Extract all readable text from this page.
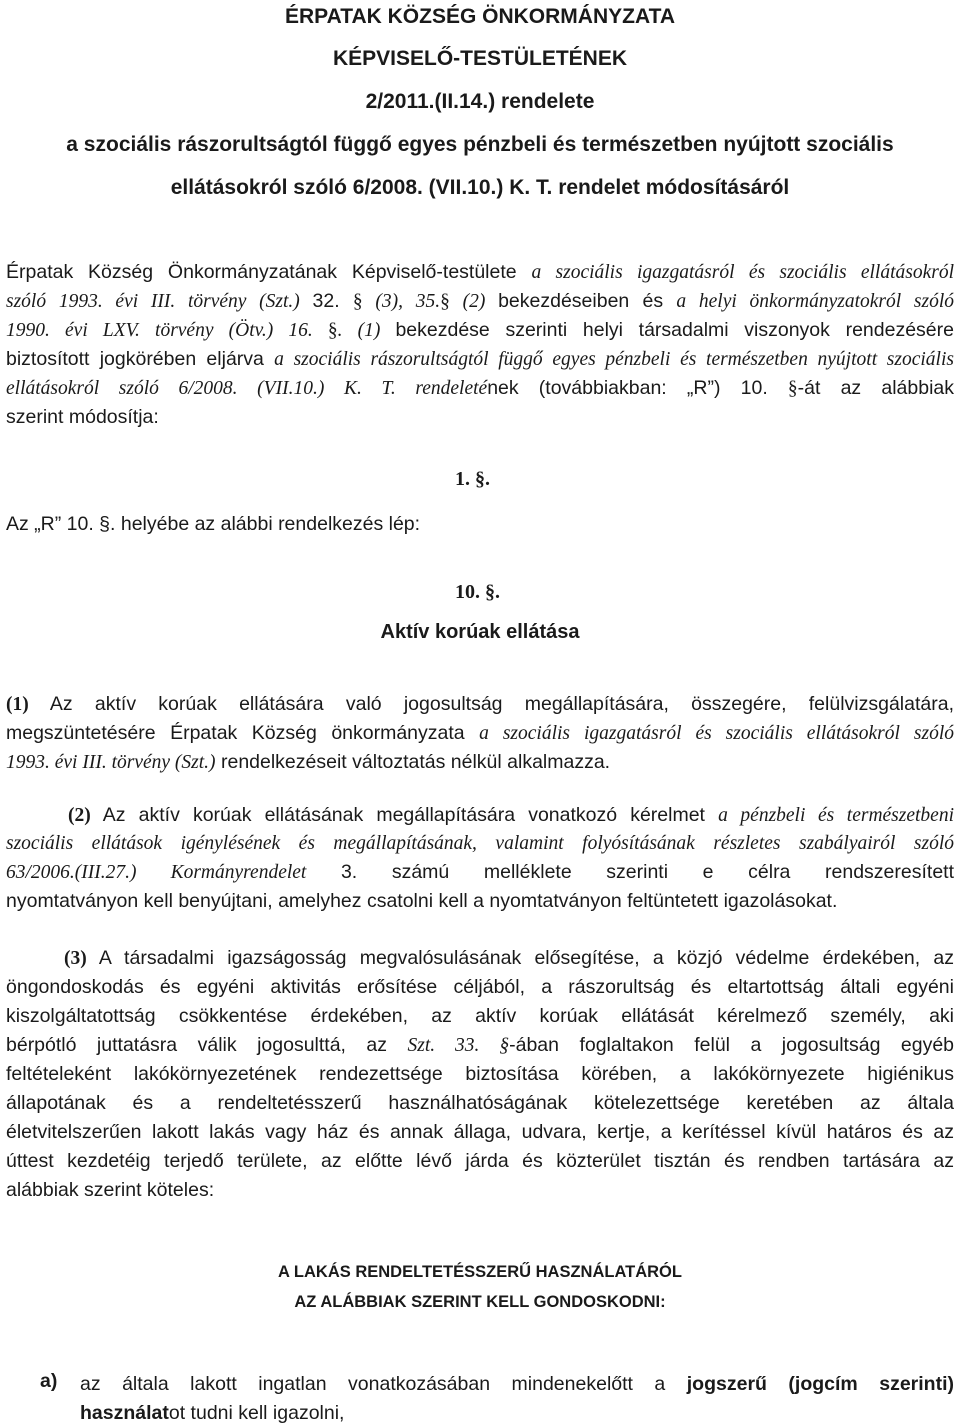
ÉRPATAK KÖZSÉG ÖNKORMÁNYZATA
KÉPVISELŐ-TESTÜLETÉNEK
2/2011.(II.14.) rendelete
a szociális rászorultságtól függő egyes pénzbeli és természetben nyújtott szociális
ellátásokról szóló 6/2008. (VII.10.) K. T. rendelet módosításáról
Érpatak Község Önkormányzatának Képviselő-testülete a szociális igazgatásról és szociális ellátásokról
szóló 1993. évi III. törvény (Szt.) 32. § (3), 35.§ (2) bekezdéseiben és a helyi önkormányzatokról szóló
1990. évi LXV. törvény (Ötv.) 16. §. (1) bekezdése szerinti helyi társadalmi viszonyok rendezésére
biztosított jogkörében eljárva a szociális rászorultságtól függő egyes pénzbeli és természetben nyújtott szociális
ellátásokról szóló 6/2008. (VII.10.) K. T. rendeletének (továbbiakban: „R”) 10. §-át az alábbiak
szerint módosítja:
1. §.
Az „R” 10. §. helyébe az alábbi rendelkezés lép:
10. §.
Aktív korúak ellátása
(1) Az aktív korúak ellátására való jogosultság megállapítására, összegére, felülvizsgálatára,
megszüntetésére Érpatak Község önkormányzata a szociális igazgatásról és szociális ellátásokról szóló
1993. évi III. törvény (Szt.) rendelkezéseit változtatás nélkül alkalmazza.
(2) Az aktív korúak ellátásának megállapítására vonatkozó kérelmet a pénzbeli és természetbeni
szociális ellátások igénylésének és megállapításának, valamint folyósításának részletes szabályairól szóló
63/2006.(III.27.) Kormányrendelet 3. számú melléklete szerinti e célra rendszeresített
nyomtatványon kell benyújtani, amelyhez csatolni kell a nyomtatványon feltüntetett igazolásokat.
(3) A társadalmi igazságosság megvalósulásának elősegítése, a közjó védelme érdekében, az
öngondoskodás és egyéni aktivitás erősítése céljából, a rászorultság és eltartottság általi egyéni
kiszolgáltatottság csökkentése érdekében, az aktív korúak ellátását kérelmező személy, aki
bérpótló juttatásra válik jogosulttá, az Szt. 33. §-ában foglaltakon felül a jogosultság egyéb
feltételeként lakókörnyezetének rendezettsége biztosítása körében, a lakókörnyezete higiénikus
állapotának és a rendeltetésszerű használhatóságának kötelezettsége keretében az általa
életvitelszerűen lakott lakás vagy ház és annak állaga, udvara, kertje, a kerítéssel kívül határos és az
úttest kezdetéig terjedő területe, az előtte lévő járda és közterület tisztán és rendben tartására az
alábbiak szerint köteles:
A LAKÁS RENDELTETÉSSZERŰ HASZNÁLATÁRÓL
AZ ALÁBBIAK SZERINT KELL GONDOSKODNI:
a) az általa lakott ingatlan vonatkozásában mindenekelőtt a jogszerű (jogcím szerinti)
használatot tudni kell igazolni,
